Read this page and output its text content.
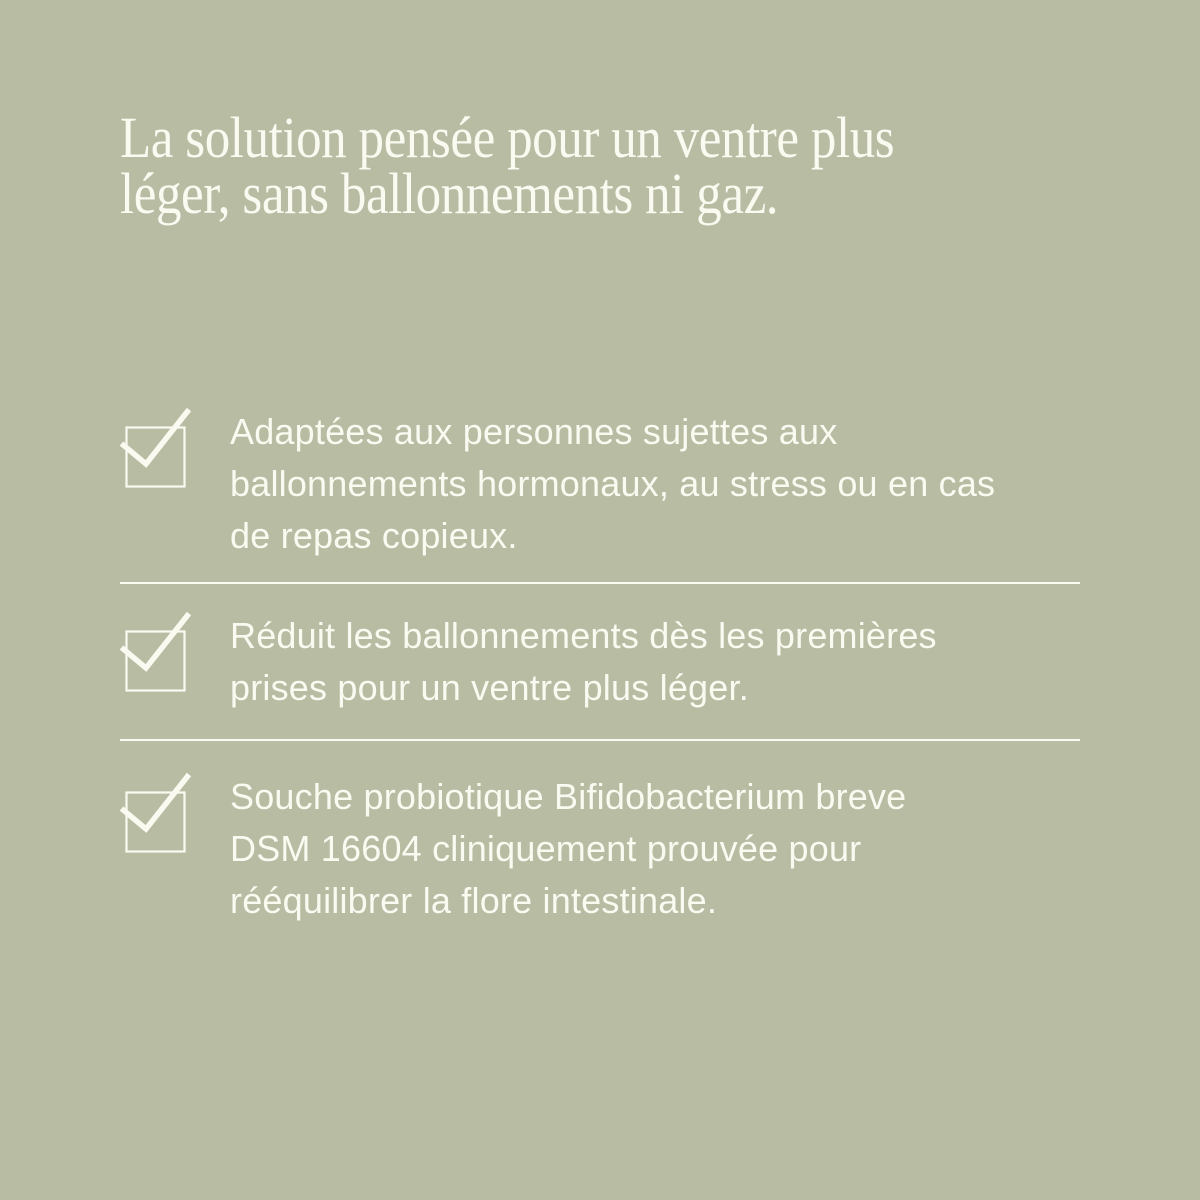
La solution pensée pour un ventre plus
léger, sans ballonnements ni gaz.

Adaptées aux personnes sujettes aux
ballonnements hormonaux, au stress ou en cas
de repas copieux.

Réduit les ballonnements dès les premières
prises pour un ventre plus léger.

Souche probiotique Bifidobacterium breve
DSM 16604 cliniquement prouvée pour
rééquilibrer la flore intestinale.
